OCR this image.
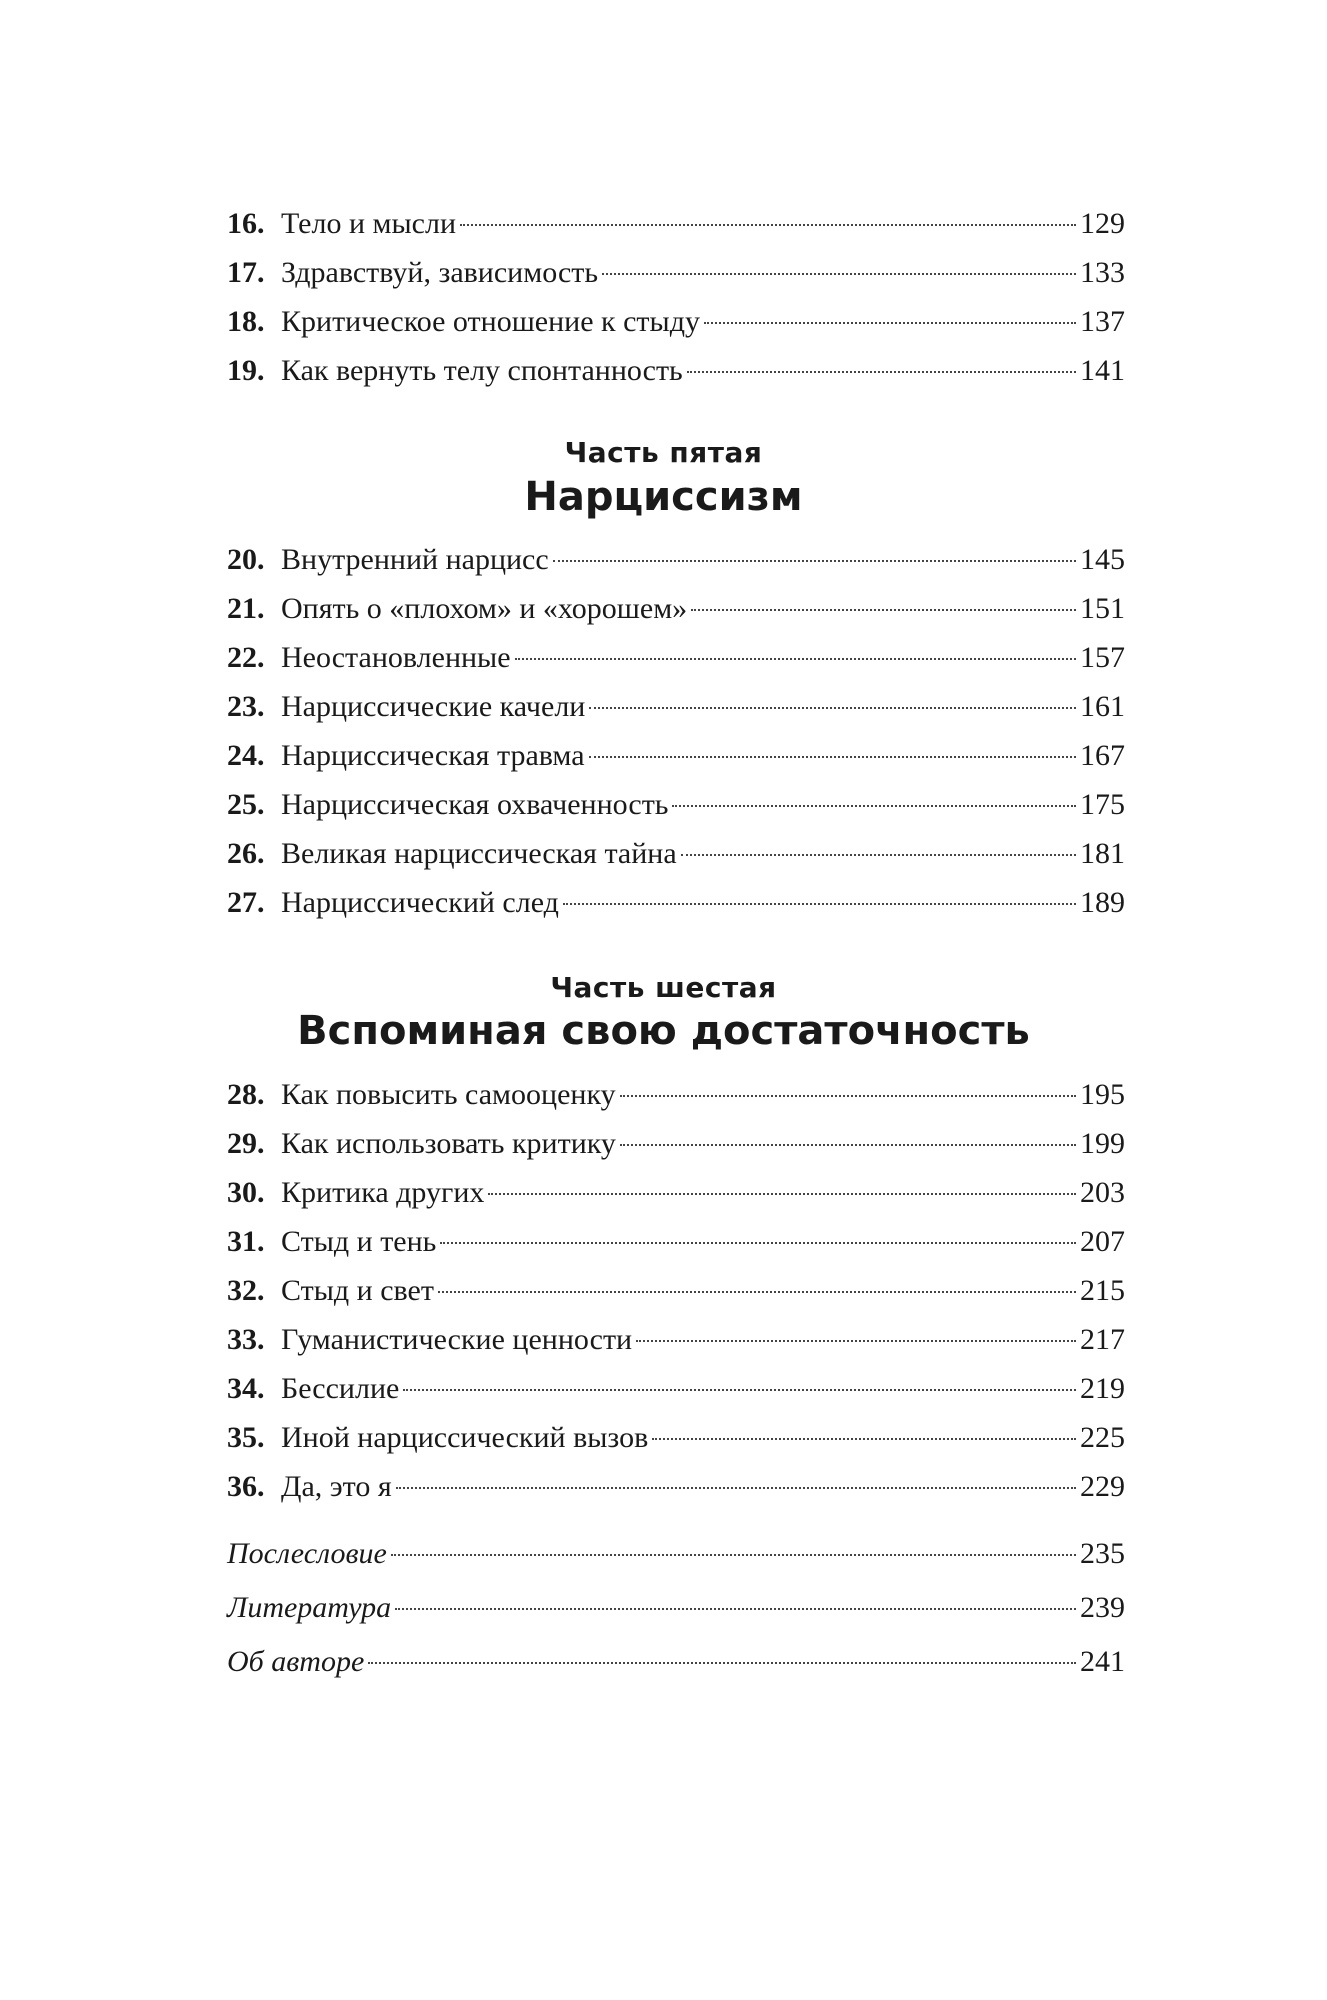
16. Тело и мысли	129
17. Здравствуй, зависимость	133
18. Критическое отношение к стыду	137
19. Как вернуть телу спонтанность	141
Часть пятая
Нарциссизм
20. Внутренний нарцисс	145
21. Опять о «плохом» и «хорошем»	151
22. Неостановленные	157
23. Нарциссические качели	161
24. Нарциссическая травма	167
25. Нарциссическая охваченность	175
26. Великая нарциссическая тайна	181
27. Нарциссический след	189
Часть шестая
Вспоминая свою достаточность
28. Как повысить самооценку	195
29. Как использовать критику	199
30. Критика других	203
31. Стыд и тень	207
32. Стыд и свет	215
33. Гуманистические ценности	217
34. Бессилие	219
35. Иной нарциссический вызов	225
36. Да, это я	229
Послесловие	235
Литература	239
Об авторе	241
